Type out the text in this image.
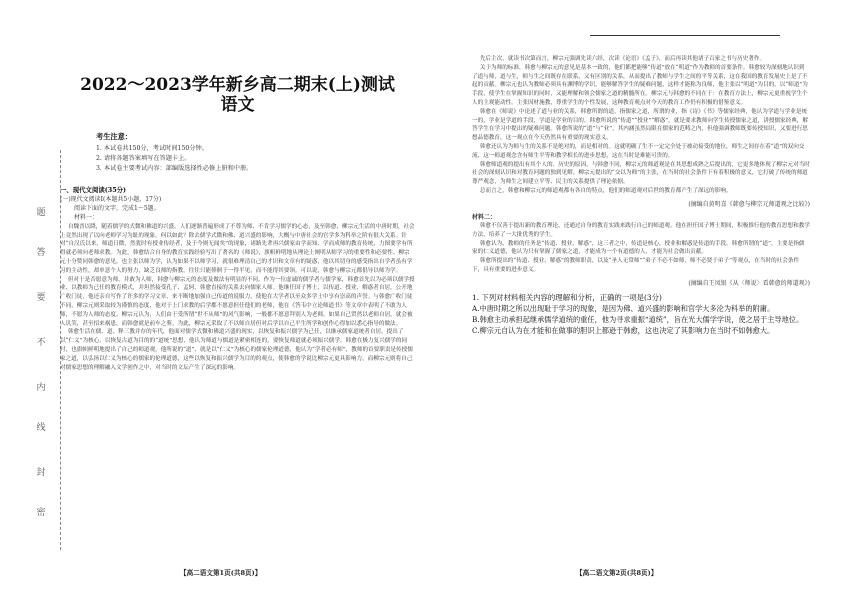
题
答
要
不
内
线
封
密
2022～2023学年新乡高二期末(上)测试
语文
考生注意：
1. 本试卷共150分，考试时间150分钟。
2. 请将各题答案填写在答题卡上。
3. 本试卷主要考试内容：部编版选择性必修上册和中册。
一、现代文阅读(35分)
(一)现代文阅读Ⅰ(本题共5小题，17分)
阅读下面的文字，完成1～5题。
材料一：

自魏晋以降，随着儒学的式微和佛道的兴盛，人们逐渐普遍形成了不尊为师、不肯学习儒学的心态，及至韩愈、柳宗元生活的中唐时期，社会上竟然出现了以向老师学习为耻的现象。何以如此？除去儒学式微和佛、道兴盛的影响，大概与中唐社会的官学多为科举之阶有很大关系。针对“自汉氏以来，师道日微，然犹时有授业传经者，及于今则无闻矣”的现象，诸路先辈再兴儒家由学而知、学而成师的教育传统，力图要学有所得就必须向老师求教。为此，韩愈结合自身的教育实践经验写出了著名的《师说》，旗帜鲜明地从理论上阐明从师学习的重要性和必要性。柳宗元十分赞同韩愈的意见，也主张以师为学，认为如果不以师学习，就很难理清自己的才识和文章有的疑惑，他以其切身的感受指出自学者虽有学习的主动性，却单意个人的努力，缺乏良师的指教，往往只能徘徊于一得半见，而不能得其要领。可以说，韩愈与柳宗元都倡导以师为学。

但对于是否愿意为师，并敢为人师，韩愈与柳宗元的态度及做法有明显的不同。作为一位虚诚的儒学者与儒学家，韩愈首先以为必须以儒学授业、以教师为己任的教育模式，并坦然接受孔子、孟轲、韩愈直接的关系去向儒家人师。他继任国子博士，以传道、授业、解惑者自居，公开地广收门徒，他还亲自写作了许多的学习文章，来不断地加强自己传道的说服力，使他在大学者以至众多学士中享有崇高的声誉。与韩愈广收门徒不同，柳宗元则采取较为谨慎的态度，他对于上门求教的后学都不愿意担任他们的老师，他在《答韦中立论师道书》等文章中表明了不敢为人师，不愿为人师的态度。柳宗元认为，人们由于受所谓“世不从师”的风气影响，一般都不愿意拜别人为老师，如果自己贸然以老师自居，就会被人讥笑，甚至招来祸患，而韩愈就是前车之鉴。为此，柳宗元采取了不以师自居但对后学以自己平生所学和创作心得加以悉心指导的做法。

韩愈生活在儒、道、释三教并存的年代，他面对儒学式微和佛道兴盛的现实，以恢复和振兴儒学为己任，以继承儒家道统者自居，提出了以“仁义”为核心、以恢复古道为目的的“道统”思想，他认为师道与儒道是紧密相连的，要恢复师道就必须振兴儒学。韩愈在极力复兴儒学的同时，也旗帜鲜明地提出了自己的师道观，他所说的“道”，就是以“仁义”为核心的儒家伦理道德，他认为“学者必有师”，教师的首要职责是传授儒家之道，以弘扬以仁义为核心的儒家的伦理道德，这些以恢复和振兴儒学为目的的观点，使韩愈的学说比柳宗元更具影响力，而柳宗元则将自己对儒家思想的理解融入文学创作之中，对当时的文坛产生了深远的影响。

先后主次，就读书次第而言，柳宗元强调先读六经，次读《论语》《孟子》，而后再读其他诸子百家之书与历史著作。

关于为师的标准，韩愈与柳宗元的意见是基本一致的，他们都把能够“传道”放在“明道”作为教师的首要条件。韩愈较为深刻地认识到了道与师，道与生，师与生之间既存在联系，又有区别的关系，从而提出了教师与学生之间的平等关系，这在我国的教育发展史上是了不起的贡献。柳宗元也认为教师必须具有渊博的学识，能够解答学生的疑难问题，这样才能称为良师，他主张以“明道”为目的，以“师道”为手段，使学生在掌握知识的同时，又能理解和领会儒家之道的精髓所在。柳宗元与韩愈的不同在于：在教育方法上，柳宗元更重视学生个人的主观能动性，主张因材施教，尊重学生的个性发展，这种教育观点对今天的教育工作仍有积极的借鉴意义。

韩愈在《师说》中论述了道与业的关系，韩愈所谓的道，指儒家之道，所谓的业，指《诗》《书》等儒家经典，他认为学道与学业是统一的，学业是学道的手段，学道是学业的目的。韩愈所说的“传道”“授业”“解惑”，就是要求教师向学生传授儒家之道，讲授儒家经典，解答学生在学习中提出的疑难问题。韩愈所说的“道”与“业”，其内涵虽然局限在儒家的范畴之内，但他强调教师既要传授知识，又要进行思想品德教育，这一观点在今天仍然具有重要的现实意义。

韩愈还认为为师与生的关系不是绝对的，而是相对的。这就明确了生不一定完全处于被动接受的地位，师生之间存在着“道”的双向交流，这一师道观念含有师生平等和教学相长的进步思想，这在当时是难能可贵的。

韩愈师道观的提出有其个人的、历史的原因。与韩愈不同，柳宗元的师道观是在其思想成熟之后提出的，它更多地体现了柳宗元对当时社会的深刻认识和对教育问题的独到见解。柳宗元提出的“交以为师”的主张，在当时的社会条件下有着积极的意义，它打破了传统的师道尊严观念，为师生之间建立平等、民主的关系提供了理论依据。

总而言之，韩愈和柳宗元的师道观都有各自的特点，他们的师道观对后世的教育都产生了深远的影响。

(摘编自黄明喜《韩愈与柳宗元师道观之比较》)
材料二：

韩愈不仅善于提出新的教育理论，还通过自身的教育实践来践行自己的师道观。他在担任国子博士期间，积极推行他的教育思想和教学方法，培养了一大批优秀的学生。

韩愈认为，教师的任务是“传道、授业、解惑”，这三者之中，传道是核心，授业和解惑是传道的手段。韩愈所谓的“道”，主要是指儒家的仁义道德，他认为只有掌握了儒家之道，才能成为一个有道德的人，才能为社会做出贡献。

韩愈所提出的“传道、授业、解惑”的教师职责，以及“圣人无常师”“弟子不必不如师，师不必贤于弟子”等观点，在当时的社会条件下，具有重要的进步意义。

(摘编自王凤银《从〈师说〉看韩愈的师道观》)
1. 下列对材料相关内容的理解和分析，正确的一项是(3分)
A.中唐时期之所以出现耻于学习的现象，是因为佛、道兴盛的影响和官学大多沦为科举的附庸。
B.韩愈主动承担起继承儒学道统的重任，他为寻求重振“道统”，旨在光大儒学学说，使之居于主导地位。
C.柳宗元自认为在才能和在做事的胆识上都逊于韩愈，这也决定了其影响力在当时不如韩愈大。
【高二语文第1页(共8页)】	【高二语文第2页(共8页)】
